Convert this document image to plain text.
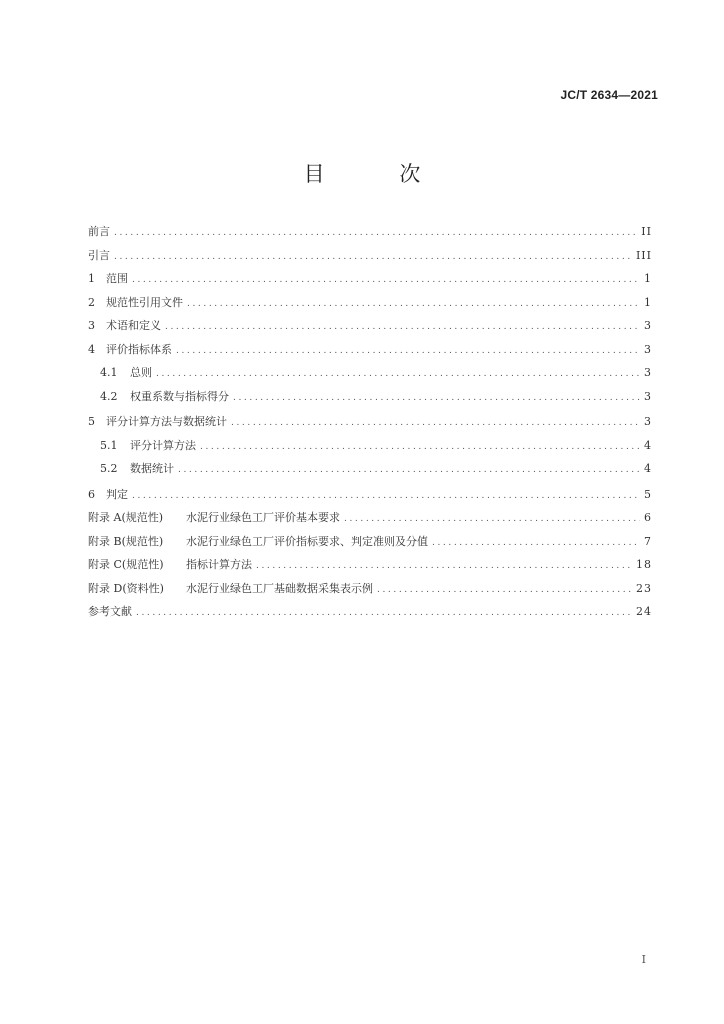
JC/T 2634—2021
目 次
前言 .....	II
引言 .....	III
1	范围 .....	1
2	规范性引用文件 .....	1
3	术语和定义 .....	3
4	评价指标体系 .....	3
4.1	总则 .....	3
4.2	权重系数与指标得分 .....	3
5	评分计算方法与数据统计 .....	3
5.1	评分计算方法 .....	4
5.2	数据统计 .....	4
6	判定 .....	5
附录 A(规范性)	水泥行业绿色工厂评价基本要求 .....	6
附录 B(规范性)	水泥行业绿色工厂评价指标要求、判定准则及分值 .....	7
附录 C(规范性)	指标计算方法 .....	18
附录 D(资料性)	水泥行业绿色工厂基础数据采集表示例 .....	23
参考文献 .....	24
I
